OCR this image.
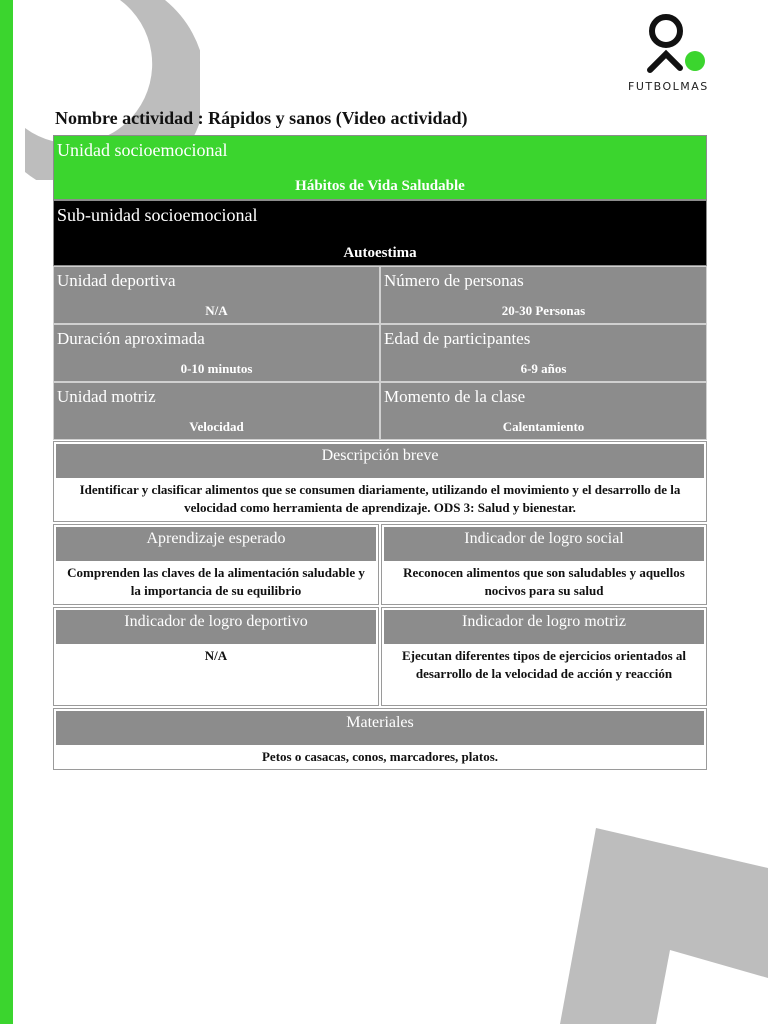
FUTBOLMAS
Nombre actividad : Rápidos y sanos (Video actividad)
Unidad socioemocional
Hábitos de Vida Saludable
Sub-unidad socioemocional
Autoestima
Unidad deportiva
N/A
Número de personas
20-30 Personas
Duración aproximada
0-10 minutos
Edad de participantes
6-9 años
Unidad motriz
Velocidad
Momento de la clase
Calentamiento
Descripción breve
Identificar y clasificar alimentos que se consumen diariamente, utilizando el movimiento y el desarrollo de la velocidad como herramienta de aprendizaje. ODS 3: Salud y bienestar.
Aprendizaje esperado
Comprenden las claves de la alimentación saludable y la importancia de su equilibrio
Indicador de logro social
Reconocen alimentos que son saludables y aquellos nocivos para su salud
Indicador de logro deportivo
N/A
Indicador de logro motriz
Ejecutan diferentes tipos de ejercicios orientados al desarrollo de la velocidad de acción y reacción
Materiales
Petos o casacas, conos, marcadores, platos.
